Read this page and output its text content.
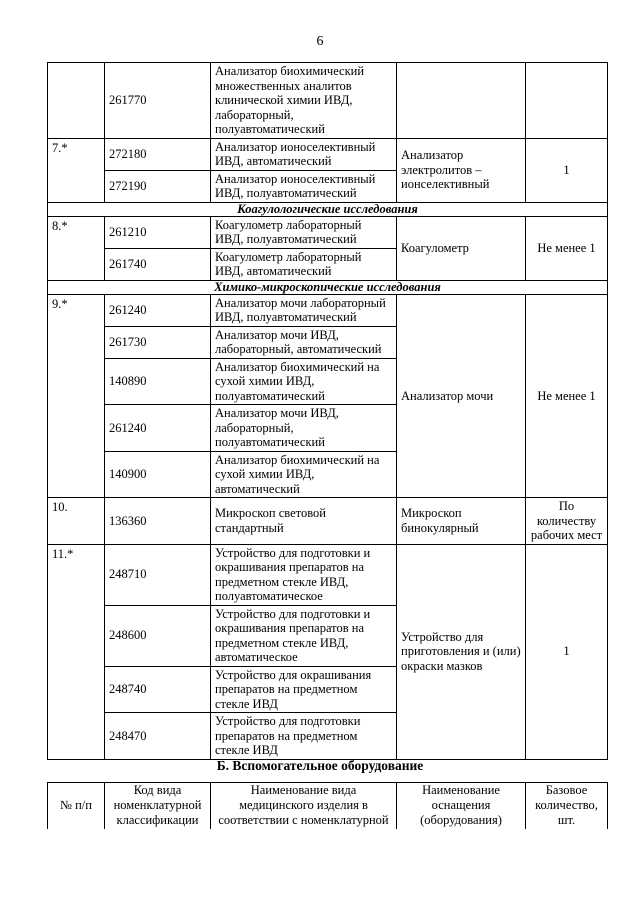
6
	261770	Анализатор биохимический множественных аналитов клинической химии ИВД, лабораторный, полуавтоматический		
7.*	272180	Анализатор ионоселективный ИВД, автоматический	Анализатор электролитов – ионселективный	1
	272190	Анализатор ионоселективный ИВД, полуавтоматический		
Коагулологические исследования				
8.*	261210	Коагулометр лабораторный ИВД, полуавтоматический	Коагулометр	Не менее 1
	261740	Коагулометр лабораторный ИВД, автоматический		
Химико-микроскопические исследования				
9.*	261240	Анализатор мочи лабораторный ИВД, полуавтоматический	Анализатор мочи	Не менее 1
	261730	Анализатор мочи ИВД, лабораторный, автоматический		
	140890	Анализатор биохимический на сухой химии ИВД, полуавтоматический		
	261240	Анализатор мочи ИВД, лабораторный, полуавтоматический		
	140900	Анализатор биохимический на сухой химии ИВД, автоматический		
10.	136360	Микроскоп световой стандартный	Микроскоп бинокулярный	По количеству рабочих мест
11.*	248710	Устройство для подготовки и окрашивания препаратов на предметном стекле ИВД, полуавтоматическое	Устройство для приготовления и (или) окраски мазков	1
	248600	Устройство для подготовки и окрашивания препаратов на предметном стекле ИВД, автоматическое		
	248740	Устройство для окрашивания препаратов на предметном стекле ИВД		
	248470	Устройство для подготовки препаратов на предметном стекле ИВД		
Б. Вспомогательное оборудование
№ п/п	Код вида номенклатурной классификации	Наименование вида медицинского изделия в соответствии с номенклатурной	Наименование оснащения (оборудования)	Базовое количество, шт.
